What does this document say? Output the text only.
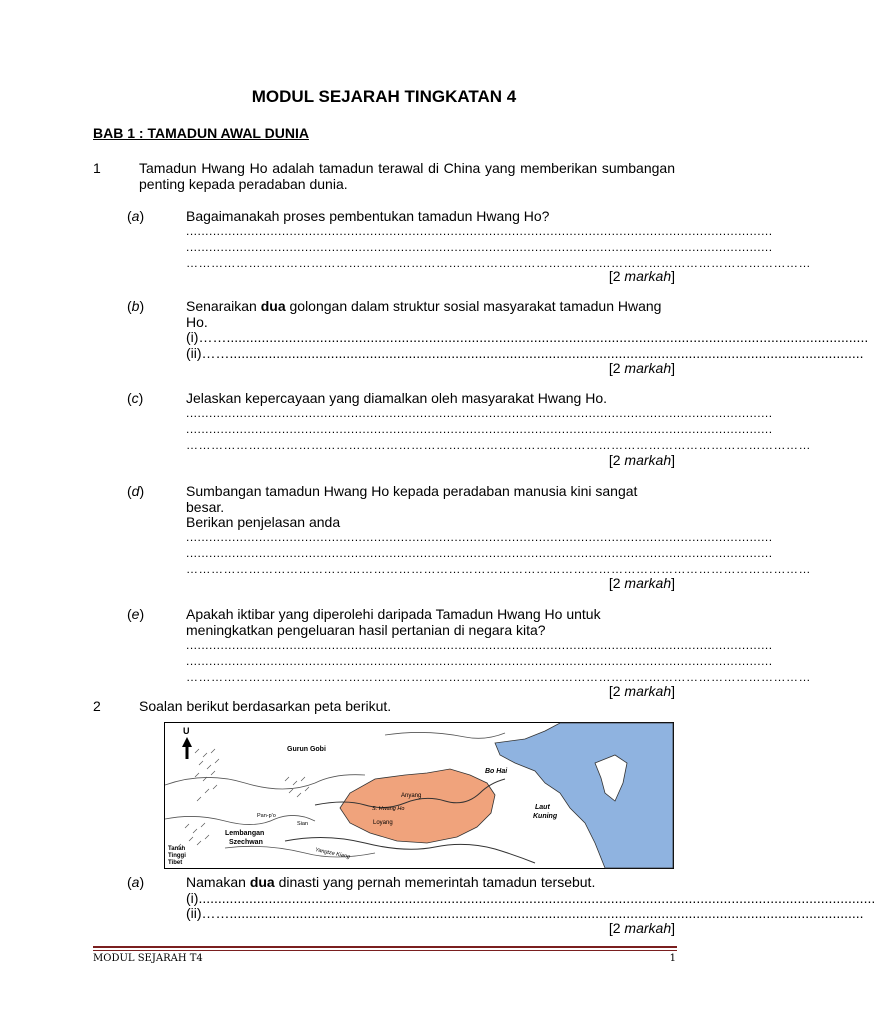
MODUL SEJARAH TINGKATAN 4
BAB 1 : TAMADUN AWAL DUNIA
1	Tamadun Hwang Ho adalah tamadun terawal di China yang memberikan sumbangan penting kepada peradaban dunia.
(a)	Bagaimanakah proses pembentukan tamadun Hwang Ho?
.........................................................................................................................................................
.........................................................................................................................................................
……………………………………………………………………………………………………………………………………
[2 markah]
(b)	Senaraikan dua golongan dalam struktur sosial masyarakat tamadun Hwang Ho.
(i)…….....................................................................................................................................................................
(ii)……...................................................................................................................................................................
[2 markah]
(c)	Jelaskan kepercayaan yang diamalkan oleh masyarakat Hwang Ho.
.........................................................................................................................................................
.........................................................................................................................................................
……………………………………………………………………………………………………………………………………
[2 markah]
(d)	Sumbangan tamadun Hwang Ho kepada peradaban manusia kini sangat besar.
Berikan penjelasan anda
.........................................................................................................................................................
.........................................................................................................................................................
……………………………………………………………………………………………………………………………………
[2 markah]
(e)	Apakah iktibar yang diperolehi daripada Tamadun Hwang Ho untuk meningkatkan pengeluaran hasil pertanian di negara kita?
.........................................................................................................................................................
.........................................................................................................................................................
……………………………………………………………………………………………………………………………………
[2 markah]
2	Soalan berikut berdasarkan peta berikut.
U
Gurun Gobi
Bo Hai
Anyang
S. Hwang Ho
Loyang
Laut
Kuning
Sian
Pan-p'o
Lembangan
Szechwan
Tanah
Tinggi
Tibet
Yangtze Kiang
(a)	Namakan dua dinasti yang pernah memerintah tamadun tersebut.
(i)..............................................................................................................................................................................
(ii)……...................................................................................................................................................................
[2 markah]
MODUL SEJARAH T4	1
